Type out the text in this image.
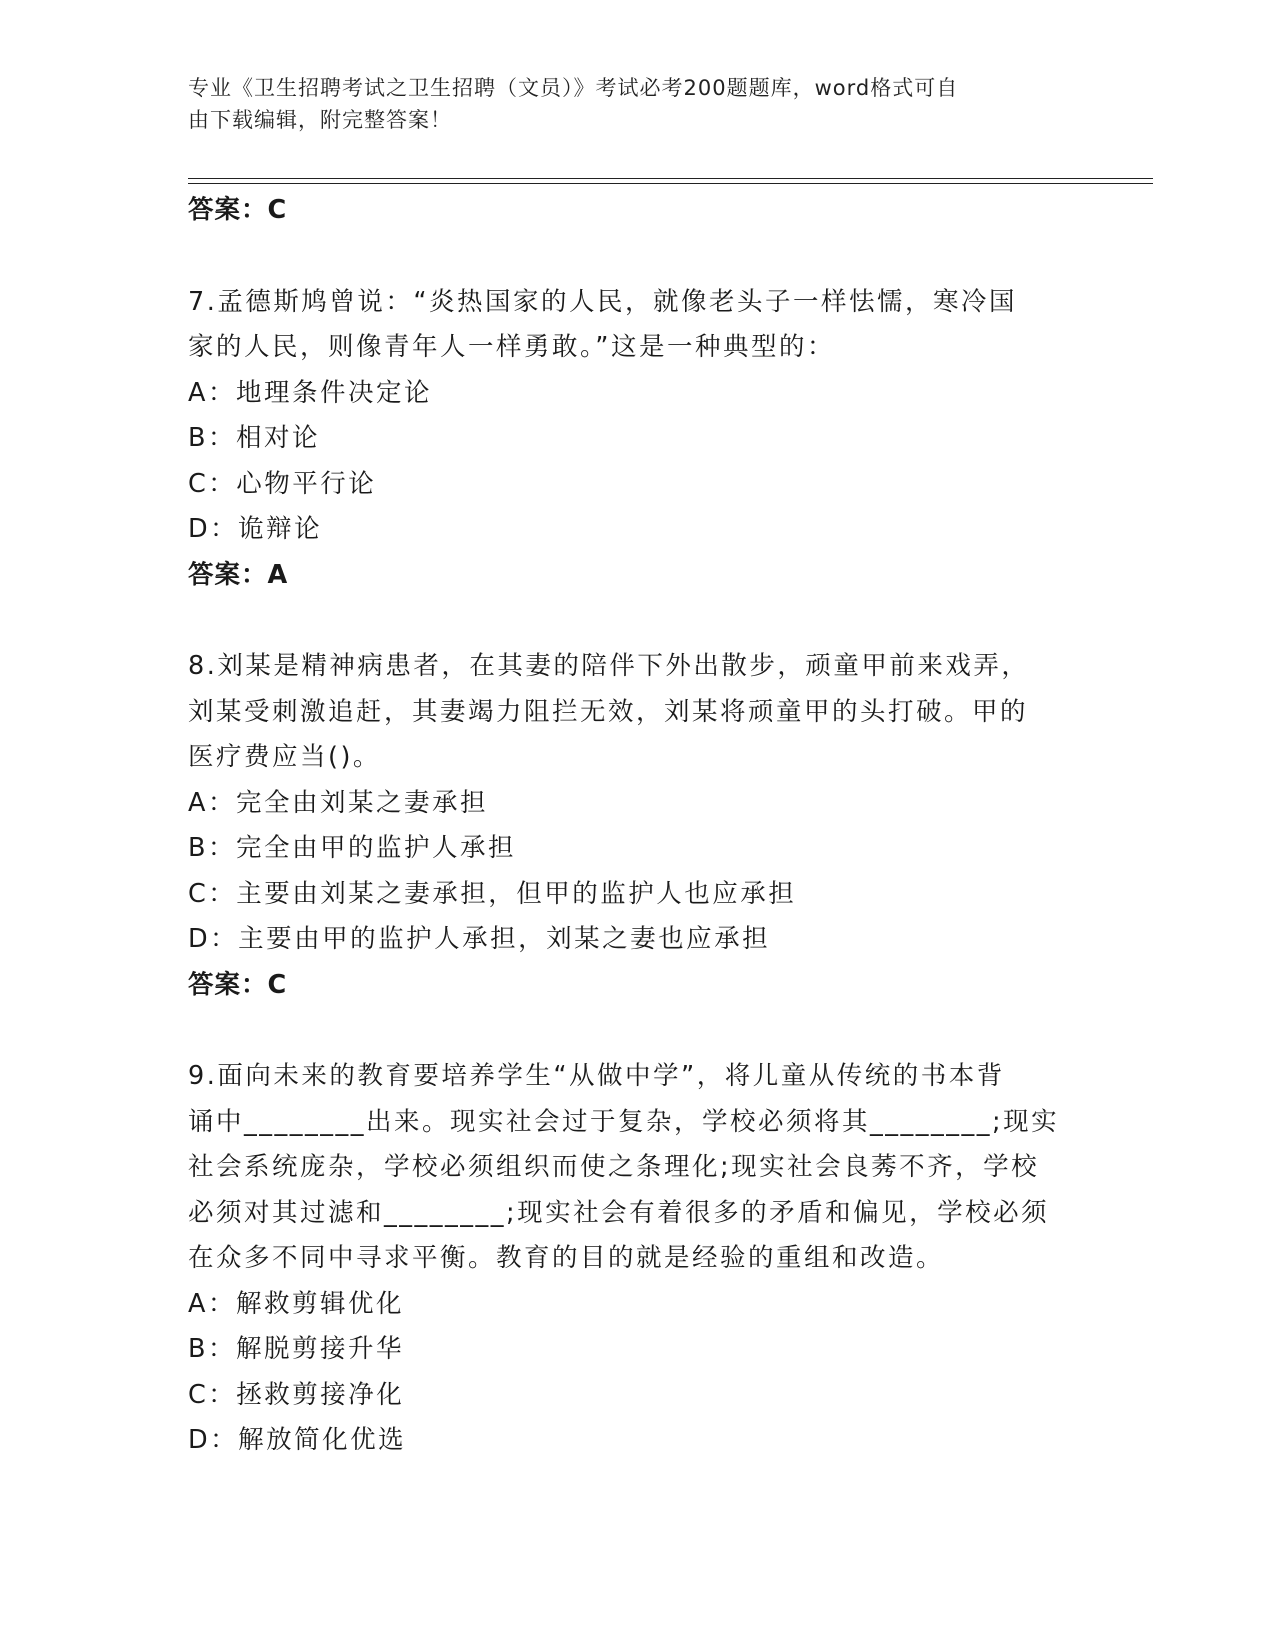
专业《卫生招聘考试之卫生招聘（文员）》考试必考200题题库，word格式可自
由下载编辑，附完整答案！
答案：C
7.孟德斯鸠曾说：“炎热国家的人民，就像老头子一样怯懦，寒冷国
家的人民，则像青年人一样勇敢。”这是一种典型的：
A：地理条件决定论
B：相对论
C：心物平行论
D：诡辩论
答案：A
8.刘某是精神病患者，在其妻的陪伴下外出散步，顽童甲前来戏弄，
刘某受刺激追赶，其妻竭力阻拦无效，刘某将顽童甲的头打破。甲的
医疗费应当()。
A：完全由刘某之妻承担
B：完全由甲的监护人承担
C：主要由刘某之妻承担，但甲的监护人也应承担
D：主要由甲的监护人承担，刘某之妻也应承担
答案：C
9.面向未来的教育要培养学生“从做中学”，将儿童从传统的书本背
诵中________出来。现实社会过于复杂，学校必须将其________;现实
社会系统庞杂，学校必须组织而使之条理化;现实社会良莠不齐，学校
必须对其过滤和________;现实社会有着很多的矛盾和偏见，学校必须
在众多不同中寻求平衡。教育的目的就是经验的重组和改造。
A：解救剪辑优化
B：解脱剪接升华
C：拯救剪接净化
D：解放简化优选
